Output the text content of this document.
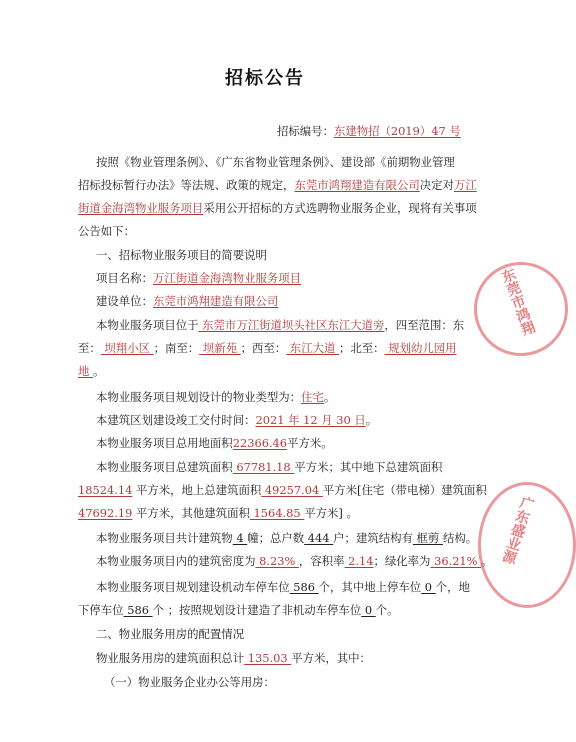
招标公告
招标编号：东建物招（2019）47 号
按照《物业管理条例》、《广东省物业管理条例》、建设部《前期物业管理
招标投标暂行办法》等法规、政策的规定，东莞市鸿翔建造有限公司决定对万江
街道金海湾物业服务项目采用公开招标的方式选聘物业服务企业，现将有关事项
公告如下：
一、招标物业服务项目的简要说明
项目名称：万江街道金海湾物业服务项目
建设单位：东莞市鸿翔建造有限公司
本物业服务项目位于 东莞市万江街道坝头社区东江大道旁，四至范围：东
至： 坝翔小区 ；南至： 坝新苑 ；西至： 东江大道 ；北至： 规划幼儿园用
地 。
本物业服务项目规划设计的物业类型为：住宅。
本建筑区划建设竣工交付时间：2021 年 12 月 30 日。
本物业服务项目总用地面积22366.46平方米。
本物业服务项目总建筑面积 67781.18 平方米；其中地下总建筑面积
18524.14 平方米，地上总建筑面积 49257.04 平方米[住宅（带电梯）建筑面积
47692.19 平方米，其他建筑面积 1564.85 平方米] 。
本物业服务项目共计建筑物 4 幢；总户数 444 户；建筑结构有 框剪 结构。
本物业服务项目内的建筑密度为 8.23% ，容积率 2.14；绿化率为 36.21% 。
本物业服务项目规划建设机动车停车位 586 个，其中地上停车位 0 个，地
下停车位 586 个 ；按照规划设计建造了非机动车停车位 0 个。
二、物业服务用房的配置情况
物业服务用房的建筑面积总计 135.03 平方米，其中：
（一）物业服务企业办公等用房：
东莞市鸿翔
广东盛业源
